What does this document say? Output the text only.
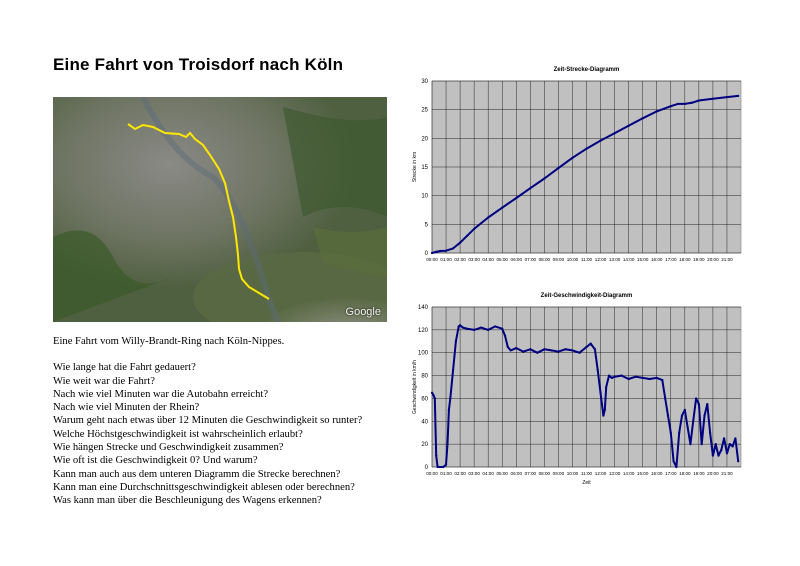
Eine Fahrt von Troisdorf nach Köln
Google

Eine Fahrt vom Willy-Brandt-Ring nach Köln-Nippes.

Wie lange hat die Fahrt gedauert?
Wie weit war die Fahrt?
Nach wie viel Minuten war die Autobahn erreicht?
Nach wie viel Minuten der Rhein?
Warum geht nach etwas über 12 Minuten die Geschwindigkeit so runter?
Welche Höchstgeschwindigkeit ist wahrscheinlich erlaubt?
Wie hängen Strecke und Geschwindigkeit zusammen?
Wie oft ist die Geschwindigkeit 0? Und warum?
Kann man auch aus dem unteren Diagramm die Strecke berechnen?
Kann man eine Durchschnittsgeschwindigkeit ablesen oder berechnen?
Was kann man über die Beschleunigung des Wagens erkennen?
Zeit-Strecke-Diagramm
0
5
10
15
20
25
30
00:00 01:00 02:00 03:00 04:00 05:00 06:00 07:00 08:00 09:00 10:00 11:00 12:00 13:00 14:00 15:00 16:00 17:00 18:00 19:00 20:00 21:00
Strecke in km
Zeit-Geschwindigkeit-Diagramm
0
20
40
60
80
100
120
140
00:00 01:00 02:00 03:00 04:00 05:00 06:00 07:00 08:00 09:00 10:00 11:00 12:00 13:00 14:00 15:00 16:00 17:00 18:00 19:00 20:00 21:00
Geschwindigkeit in km/h
Zeit
